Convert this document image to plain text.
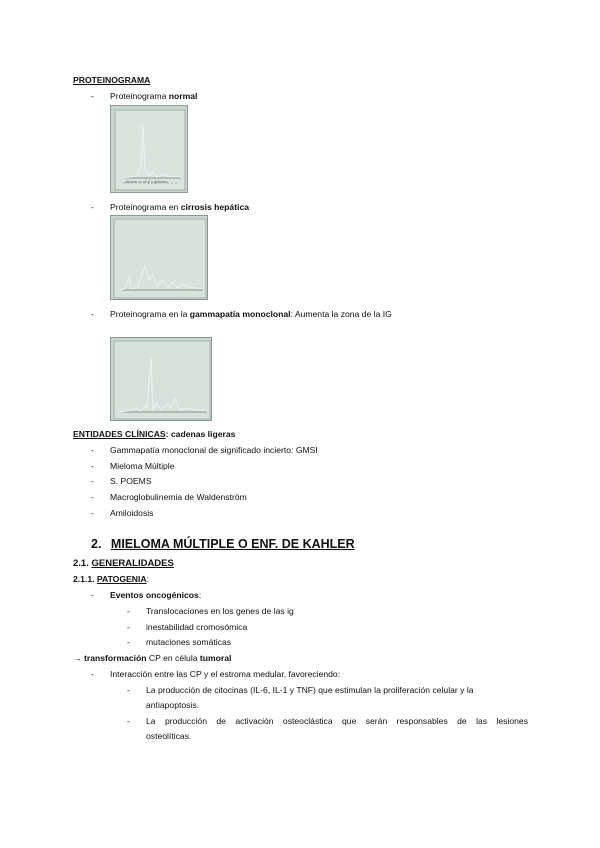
PROTEINOGRAMA
- Proteinograma normal
albumin α1 α2 β γ globulins
- Proteinograma en cirrosis hepática
- Proteinograma en la gammapatía monoclonal: Aumenta la zona de la IG
ENTIDADES CLÍNICAS: cadenas ligeras
- Gammapatía monoclonal de significado incierto: GMSI
- Mieloma Múltiple
- S. POEMS
- Macroglobulinemia de Waldenström
- Amiloidosis
2. MIELOMA MÚLTIPLE O ENF. DE KAHLER
2.1. GENERALIDADES
2.1.1. PATOGENIA:
- Eventos oncogénicos:
- Translocaciones en los genes de las ig
- inestabilidad cromosómica
- mutaciones somáticas
→ transformación CP en célula tumoral
- Interacción entre las CP y el estroma medular, favoreciendo:
- La producción de citocinas (IL-6, IL-1 y TNF) que estimulan la proliferación celular y la
antiapoptosis.
- La producción de activación osteoclástica que serán responsables de las lesiones
osteolíticas.
